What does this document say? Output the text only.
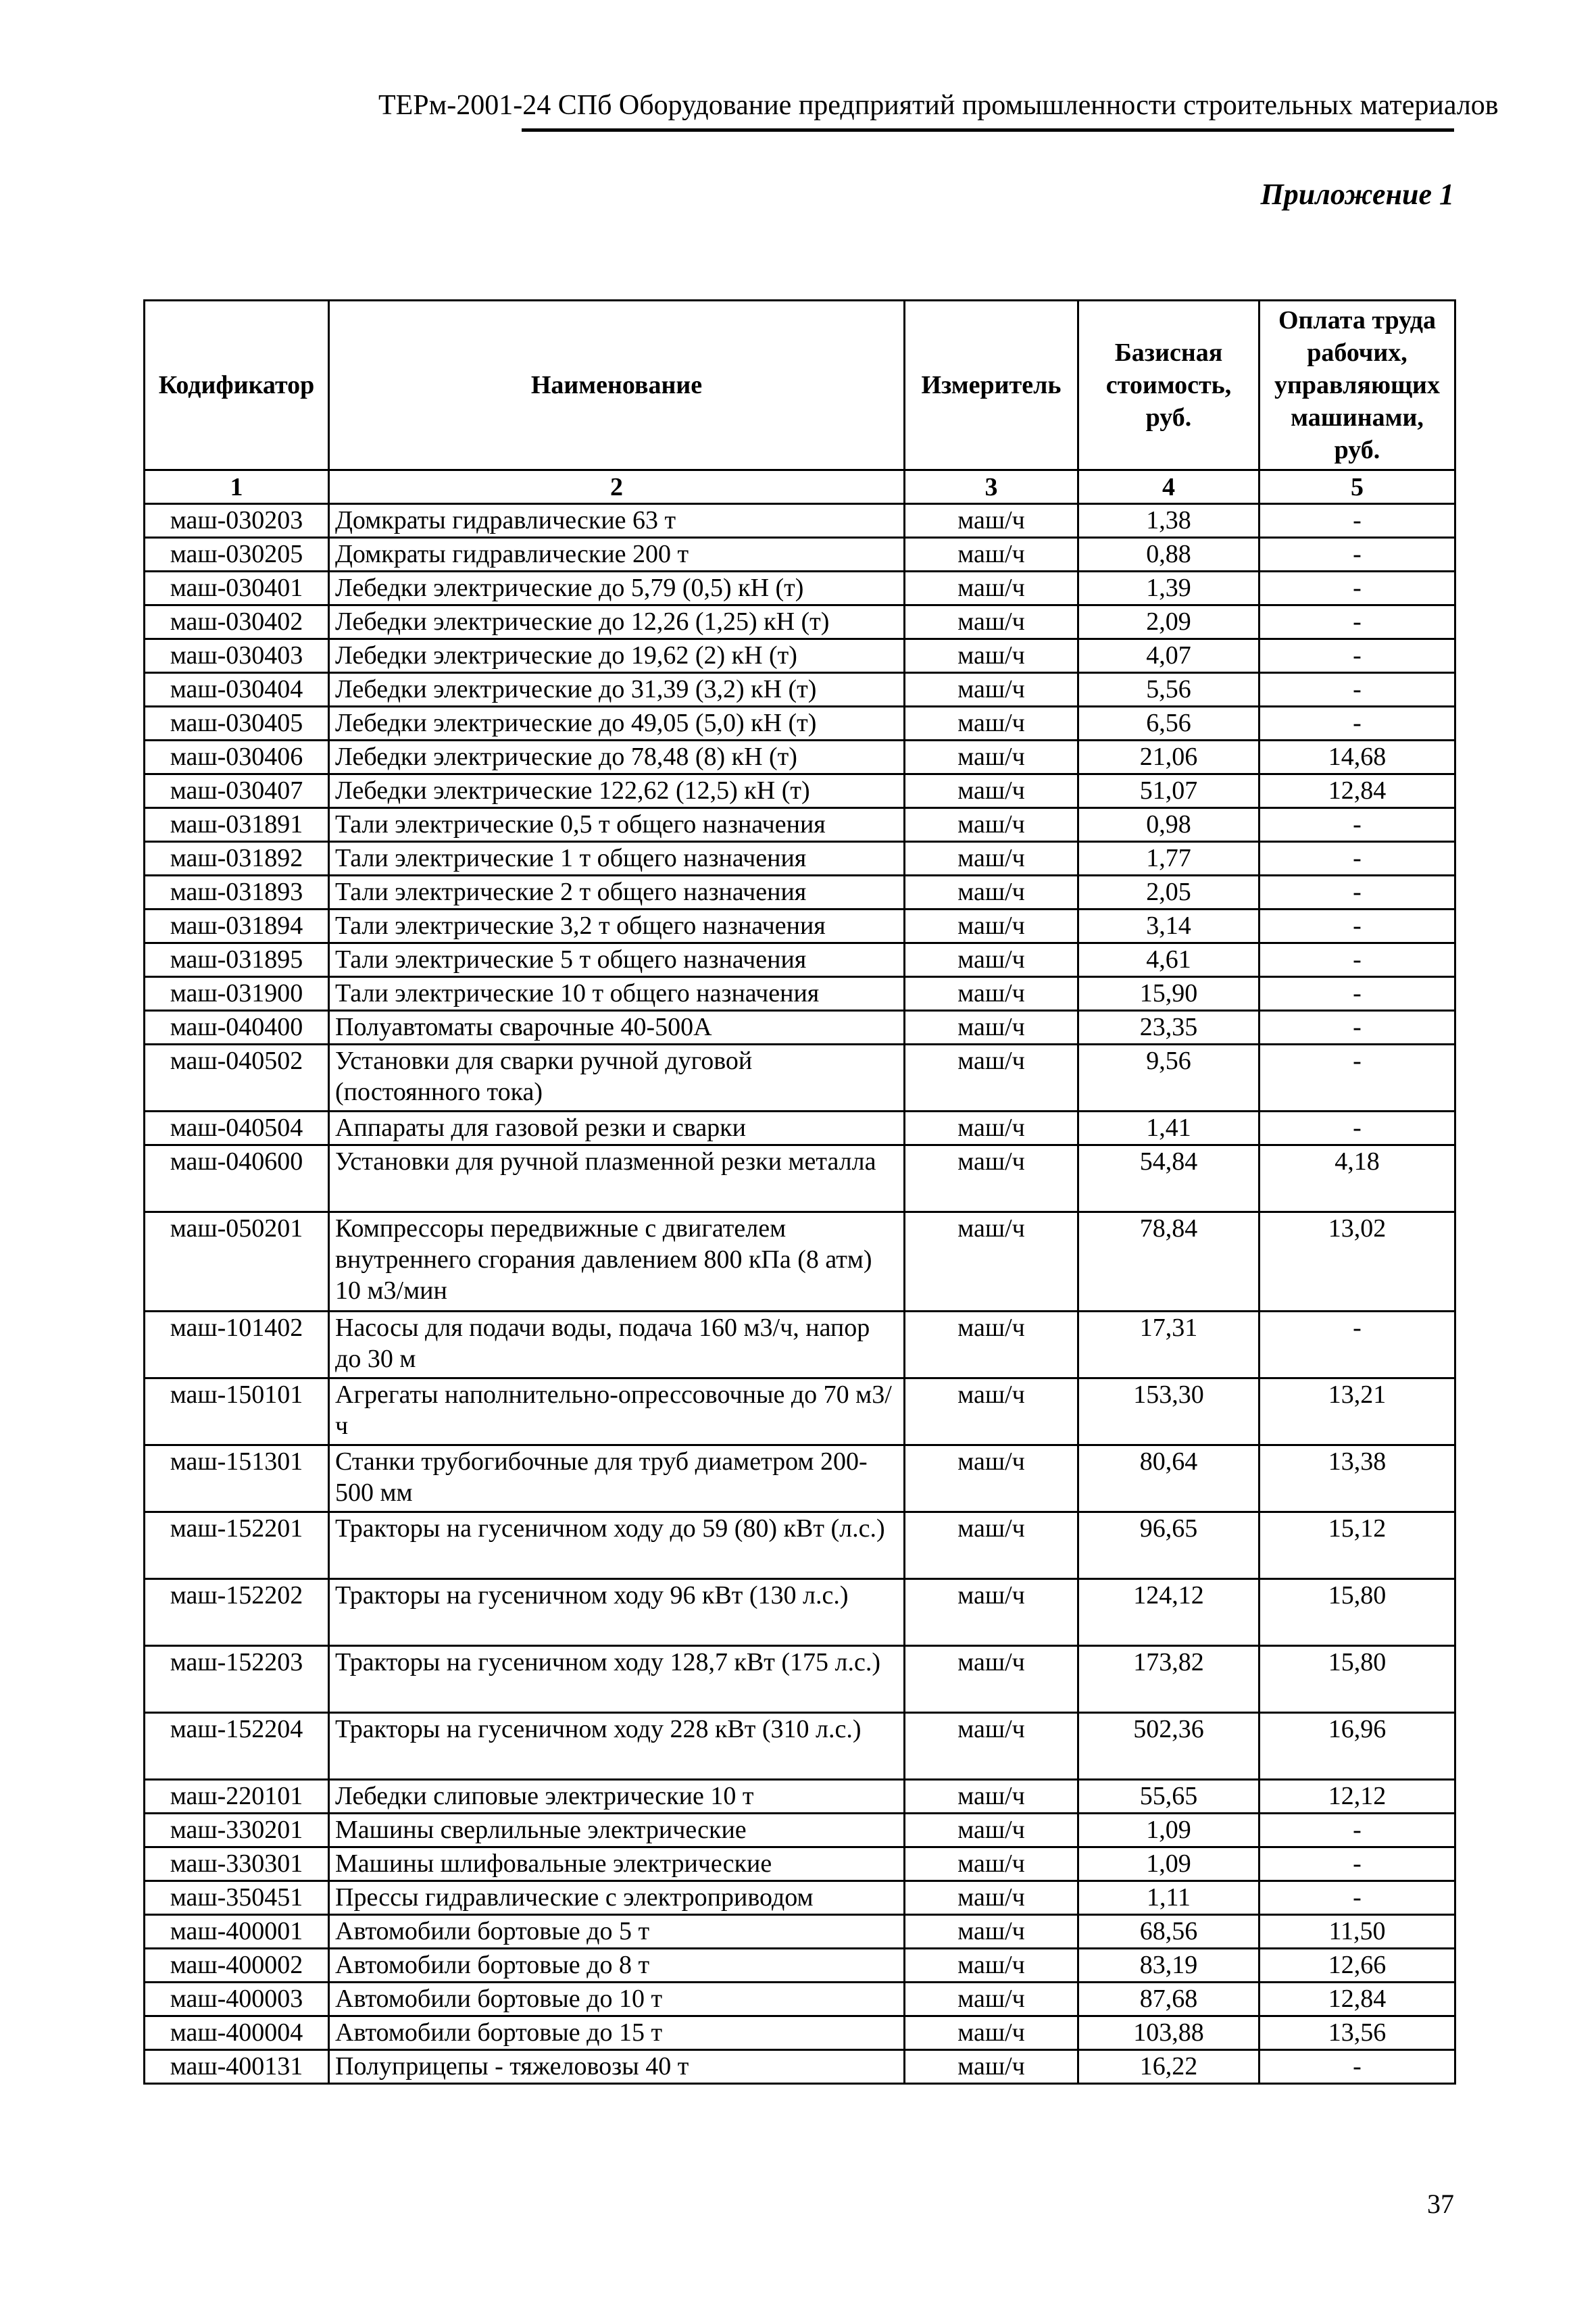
ТЕРм-2001-24 СПб Оборудование предприятий промышленности строительных материалов
Приложение 1
Кодификатор	Наименование	Измеритель	Базисная стоимость, руб.	Оплата труда рабочих, управляющих машинами, руб.
1	2	3	4	5
маш-030203	Домкраты гидравлические 63 т	маш/ч	1,38	-
маш-030205	Домкраты гидравлические 200 т	маш/ч	0,88	-
маш-030401	Лебедки электрические до 5,79 (0,5) кН (т)	маш/ч	1,39	-
маш-030402	Лебедки электрические до 12,26 (1,25) кН (т)	маш/ч	2,09	-
маш-030403	Лебедки электрические до 19,62 (2) кН (т)	маш/ч	4,07	-
маш-030404	Лебедки электрические до 31,39 (3,2) кН (т)	маш/ч	5,56	-
маш-030405	Лебедки электрические до 49,05 (5,0) кН (т)	маш/ч	6,56	-
маш-030406	Лебедки электрические до 78,48 (8) кН (т)	маш/ч	21,06	14,68
маш-030407	Лебедки электрические 122,62 (12,5) кН (т)	маш/ч	51,07	12,84
маш-031891	Тали электрические 0,5 т общего назначения	маш/ч	0,98	-
маш-031892	Тали электрические 1 т общего назначения	маш/ч	1,77	-
маш-031893	Тали электрические 2 т общего назначения	маш/ч	2,05	-
маш-031894	Тали электрические 3,2 т общего назначения	маш/ч	3,14	-
маш-031895	Тали электрические 5 т общего назначения	маш/ч	4,61	-
маш-031900	Тали электрические 10 т общего назначения	маш/ч	15,90	-
маш-040400	Полуавтоматы сварочные 40-500А	маш/ч	23,35	-
маш-040502	Установки для сварки ручной дуговой (постоянного тока)	маш/ч	9,56	-
маш-040504	Аппараты для газовой резки и сварки	маш/ч	1,41	-
маш-040600	Установки для ручной плазменной резки металла	маш/ч	54,84	4,18
маш-050201	Компрессоры передвижные с двигателем внутреннего сгорания давлением 800 кПа (8 атм) 10 м3/мин	маш/ч	78,84	13,02
маш-101402	Насосы для подачи воды, подача 160 м3/ч, напор до 30 м	маш/ч	17,31	-
маш-150101	Агрегаты наполнительно-опрессовочные до 70 м3/ч	маш/ч	153,30	13,21
маш-151301	Станки трубогибочные для труб диаметром 200-500 мм	маш/ч	80,64	13,38
маш-152201	Тракторы на гусеничном ходу до 59 (80) кВт (л.с.)	маш/ч	96,65	15,12
маш-152202	Тракторы на гусеничном ходу 96 кВт (130 л.с.)	маш/ч	124,12	15,80
маш-152203	Тракторы на гусеничном ходу 128,7 кВт (175 л.с.)	маш/ч	173,82	15,80
маш-152204	Тракторы на гусеничном ходу 228 кВт (310 л.с.)	маш/ч	502,36	16,96
маш-220101	Лебедки слиповые электрические 10 т	маш/ч	55,65	12,12
маш-330201	Машины сверлильные электрические	маш/ч	1,09	-
маш-330301	Машины шлифовальные электрические	маш/ч	1,09	-
маш-350451	Прессы гидравлические с электроприводом	маш/ч	1,11	-
маш-400001	Автомобили бортовые до 5 т	маш/ч	68,56	11,50
маш-400002	Автомобили бортовые до 8 т	маш/ч	83,19	12,66
маш-400003	Автомобили бортовые до 10 т	маш/ч	87,68	12,84
маш-400004	Автомобили бортовые до 15 т	маш/ч	103,88	13,56
маш-400131	Полуприцепы - тяжеловозы 40 т	маш/ч	16,22	-
37
